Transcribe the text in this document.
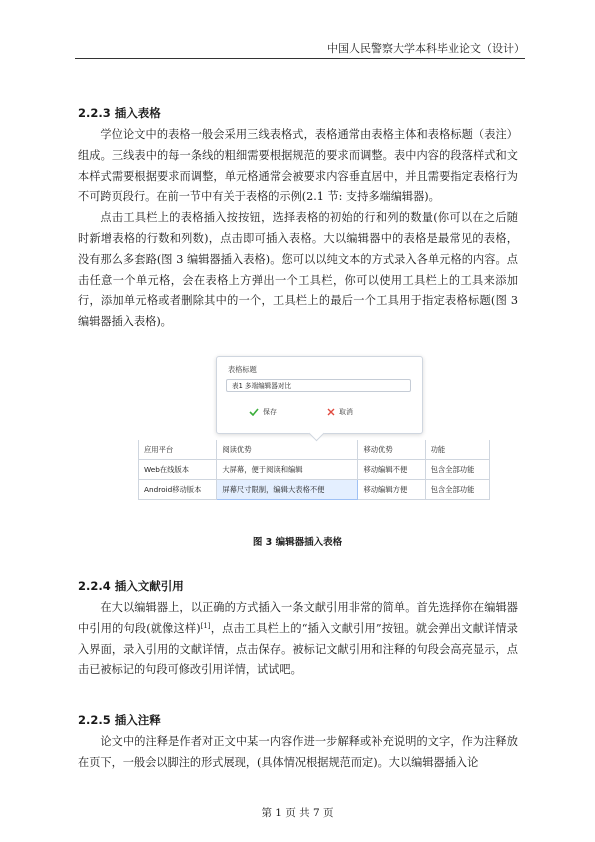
中国人民警察大学本科毕业论文（设计）
2.2.3 插入表格

学位论文中的表格一般会采用三线表格式，表格通常由表格主体和表格标题（表注）组成。三线表中的每一条线的粗细需要根据规范的要求而调整。表中内容的段落样式和文本样式需要根据要求而调整，单元格通常会被要求内容垂直居中，并且需要指定表格行为不可跨页段行。在前一节中有关于表格的示例(2.1 节: 支持多端编辑器)。

点击工具栏上的表格插入按按钮，选择表格的初始的行和列的数量(你可以在之后随时新增表格的行数和列数)，点击即可插入表格。大以编辑器中的表格是最常见的表格，没有那么多套路(图 3 编辑器插入表格)。您可以以纯文本的方式录入各单元格的内容。点击任意一个单元格，会在表格上方弹出一个工具栏，你可以使用工具栏上的工具来添加行，添加单元格或者删除其中的一个，工具栏上的最后一个工具用于指定表格标题(图 3 编辑器插入表格)。

表格标题
表1 多端编辑器对比
保存	取消
应用平台	阅读优势	移动优势	功能
Web在线版本	大屏幕，便于阅读和编辑	移动编辑不便	包含全部功能
Android移动版本	屏幕尺寸限制，编辑大表格不便	移动编辑方便	包含全部功能
图 3 编辑器插入表格
2.2.4 插入文献引用

在大以编辑器上，以正确的方式插入一条文献引用非常的简单。首先选择你在编辑器中引用的句段(就像这样)[1]，点击工具栏上的“插入文献引用”按钮。就会弹出文献详情录入界面，录入引用的文献详情，点击保存。被标记文献引用和注释的句段会高亮显示，点击已被标记的句段可修改引用详情，试试吧。

2.2.5 插入注释

论文中的注释是作者对正文中某一内容作进一步解释或补充说明的文字，作为注释放在页下，一般会以脚注的形式展现，(具体情况根据规范而定)。大以编辑器插入论

第 1 页 共 7 页
